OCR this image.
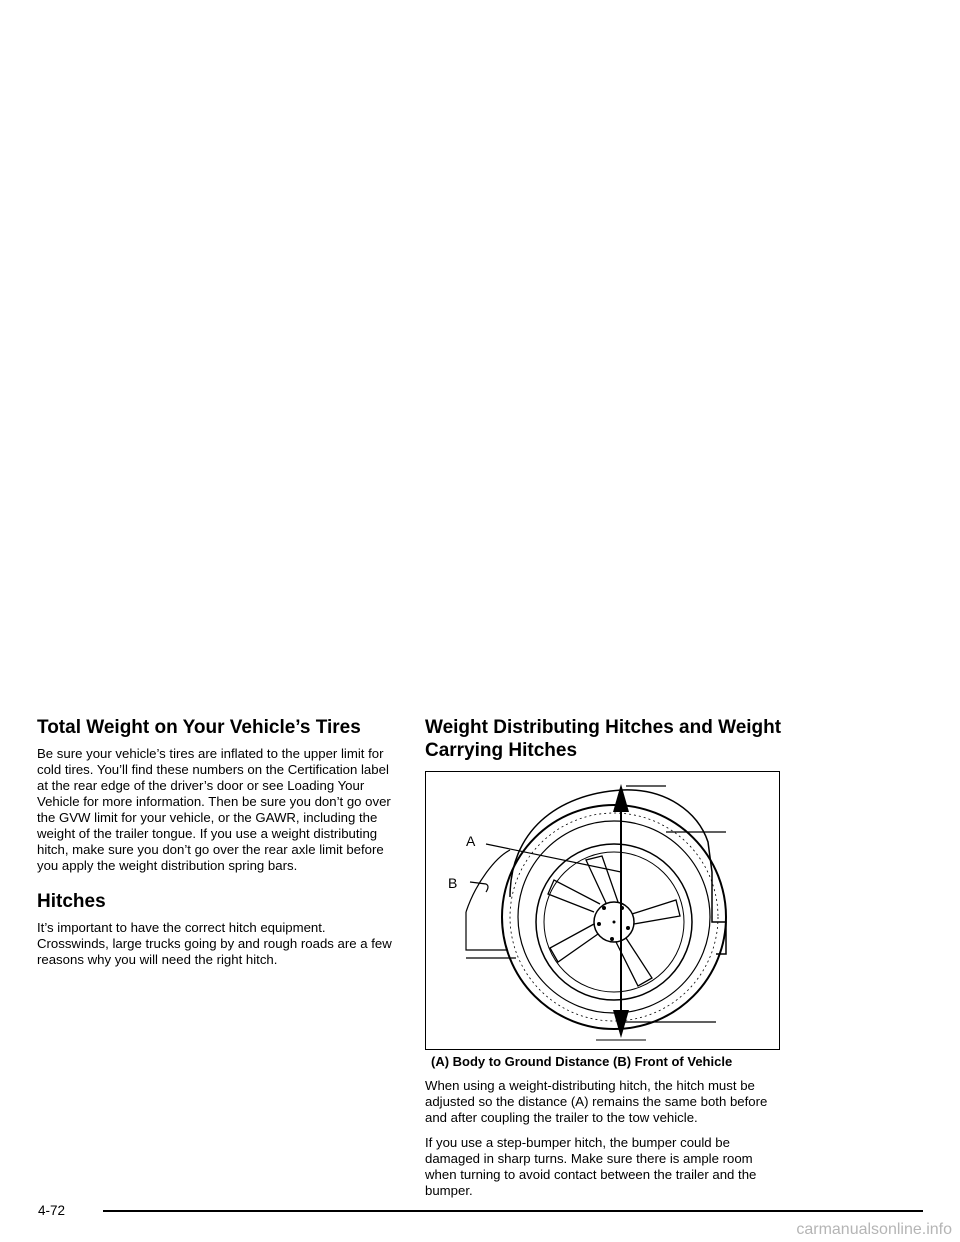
Total Weight on Your Vehicle’s Tires

Be sure your vehicle’s tires are inflated to the upper limit for cold tires. You’ll find these numbers on the Certification label at the rear edge of the driver’s door or see Loading Your Vehicle for more information. Then be sure you don’t go over the GVW limit for your vehicle, or the GAWR, including the weight of the trailer tongue. If you use a weight distributing hitch, make sure you don’t go over the rear axle limit before you apply the weight distribution spring bars.

Hitches

It’s important to have the correct hitch equipment. Crosswinds, large trucks going by and rough roads are a few reasons why you will need the right hitch.

Weight Distributing Hitches and Weight Carrying Hitches
A
B
(A) Body to Ground Distance (B) Front of Vehicle

When using a weight-distributing hitch, the hitch must be adjusted so the distance (A) remains the same both before and after coupling the trailer to the tow vehicle.

If you use a step-bumper hitch, the bumper could be damaged in sharp turns. Make sure there is ample room when turning to avoid contact between the trailer and the bumper.

4-72
carmanualsonline.info
